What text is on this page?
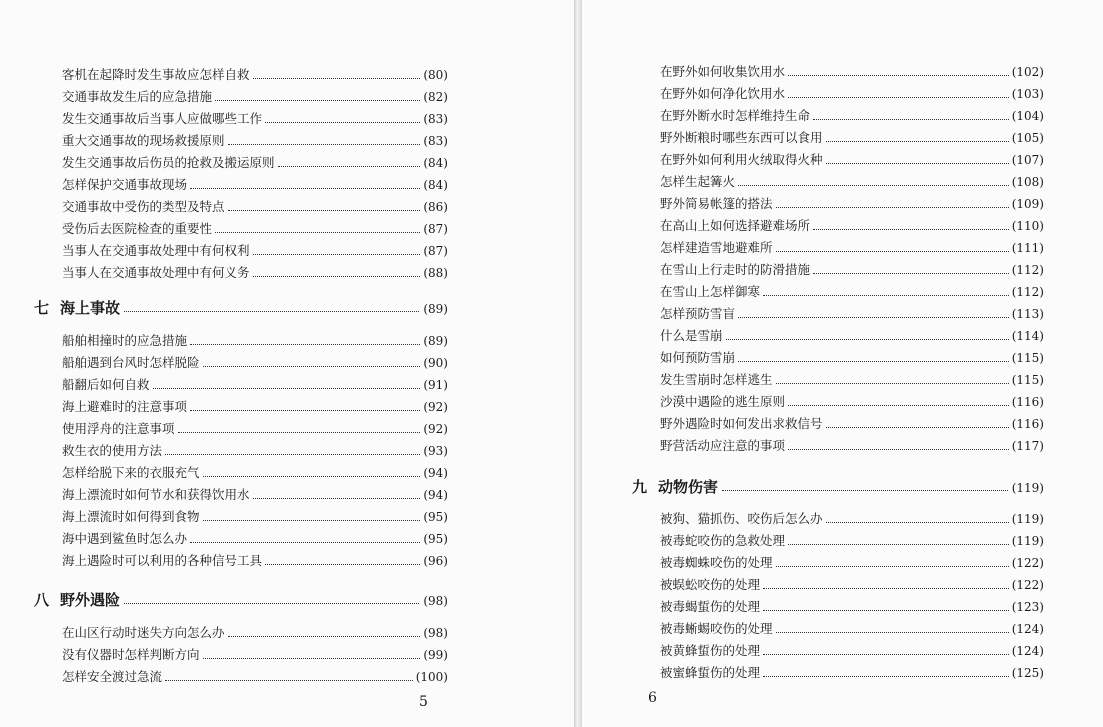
客机在起降时发生事故应怎样自救	(80)
交通事故发生后的应急措施	(82)
发生交通事故后当事人应做哪些工作	(83)
重大交通事故的现场救援原则	(83)
发生交通事故后伤员的抢救及搬运原则	(84)
怎样保护交通事故现场	(84)
交通事故中受伤的类型及特点	(86)
受伤后去医院检查的重要性	(87)
当事人在交通事故处理中有何权利	(87)
当事人在交通事故处理中有何义务	(88)
七 海上事故	(89)
船舶相撞时的应急措施	(89)
船舶遇到台风时怎样脱险	(90)
船翻后如何自救	(91)
海上避难时的注意事项	(92)
使用浮舟的注意事项	(92)
救生衣的使用方法	(93)
怎样给脱下来的衣服充气	(94)
海上漂流时如何节水和获得饮用水	(94)
海上漂流时如何得到食物	(95)
海中遇到鲨鱼时怎么办	(95)
海上遇险时可以利用的各种信号工具	(96)
八 野外遇险	(98)
在山区行动时迷失方向怎么办	(98)
没有仪器时怎样判断方向	(99)
怎样安全渡过急流	(100)
在野外如何收集饮用水	(102)
在野外如何净化饮用水	(103)
在野外断水时怎样维持生命	(104)
野外断粮时哪些东西可以食用	(105)
在野外如何利用火绒取得火种	(107)
怎样生起篝火	(108)
野外简易帐篷的搭法	(109)
在高山上如何选择避难场所	(110)
怎样建造雪地避难所	(111)
在雪山上行走时的防滑措施	(112)
在雪山上怎样御寒	(112)
怎样预防雪盲	(113)
什么是雪崩	(114)
如何预防雪崩	(115)
发生雪崩时怎样逃生	(115)
沙漠中遇险的逃生原则	(116)
野外遇险时如何发出求救信号	(116)
野营活动应注意的事项	(117)
九 动物伤害	(119)
被狗、猫抓伤、咬伤后怎么办	(119)
被毒蛇咬伤的急救处理	(119)
被毒蜘蛛咬伤的处理	(122)
被蜈蚣咬伤的处理	(122)
被毒蝎蜇伤的处理	(123)
被毒蜥蜴咬伤的处理	(124)
被黄蜂蜇伤的处理	(124)
被蜜蜂蜇伤的处理	(125)
5	6
